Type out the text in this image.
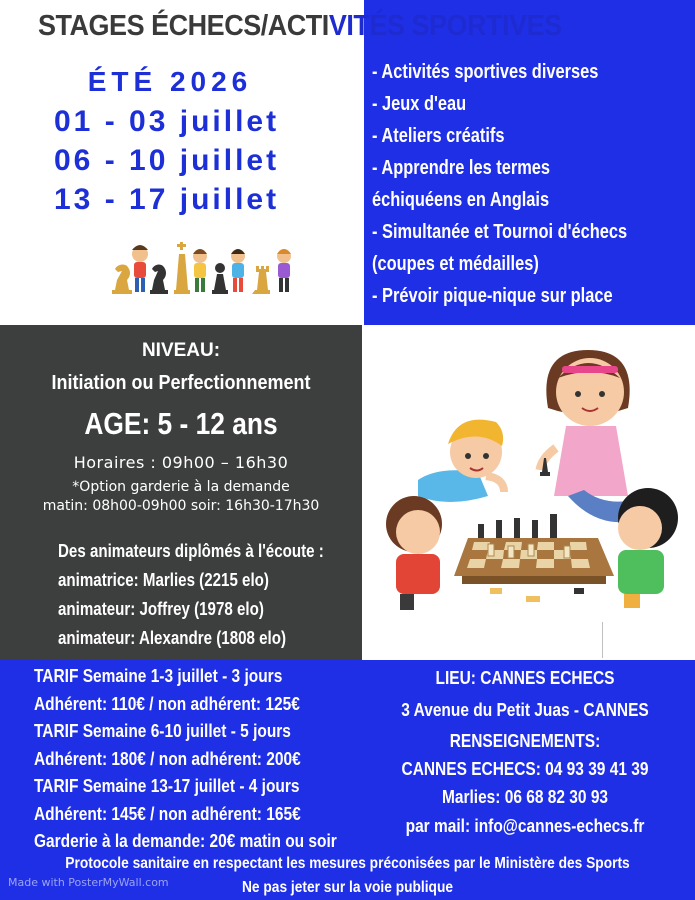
STAGES ÉCHECS/ACTIVITÉS SPORTIVES
ÉTÉ 2026
01 - 03 juillet
06 - 10 juillet
13 - 17 juillet
- Activités sportives diverses
- Jeux d'eau
- Ateliers créatifs
- Apprendre les termes
échiquéens en Anglais
- Simultanée et Tournoi d'échecs
(coupes et médailles)
- Prévoir pique-nique sur place
NIVEAU:
Initiation ou Perfectionnement
AGE: 5 - 12 ans
Horaires : 09h00 – 16h30
*Option garderie à la demande
matin: 08h00-09h00 soir: 16h30-17h30
Des animateurs diplômés à l'écoute :
animatrice: Marlies (2215 elo)
animateur: Joffrey (1978 elo)
animateur: Alexandre (1808 elo)
TARIF Semaine 1-3 juillet - 3 jours
Adhérent: 110€ / non adhérent: 125€
TARIF Semaine 6-10 juillet - 5 jours
Adhérent: 180€ / non adhérent: 200€
TARIF Semaine 13-17 juillet - 4 jours
Adhérent: 145€ / non adhérent: 165€
Garderie à la demande: 20€ matin ou soir
LIEU: CANNES ECHECS
3 Avenue du Petit Juas - CANNES
RENSEIGNEMENTS:
CANNES ECHECS: 04 93 39 41 39
Marlies: 06 68 82 30 93
par mail: info@cannes-echecs.fr
Protocole sanitaire en respectant les mesures préconisées par le Ministère des Sports
Ne pas jeter sur la voie publique
Made with PosterMyWall.com
